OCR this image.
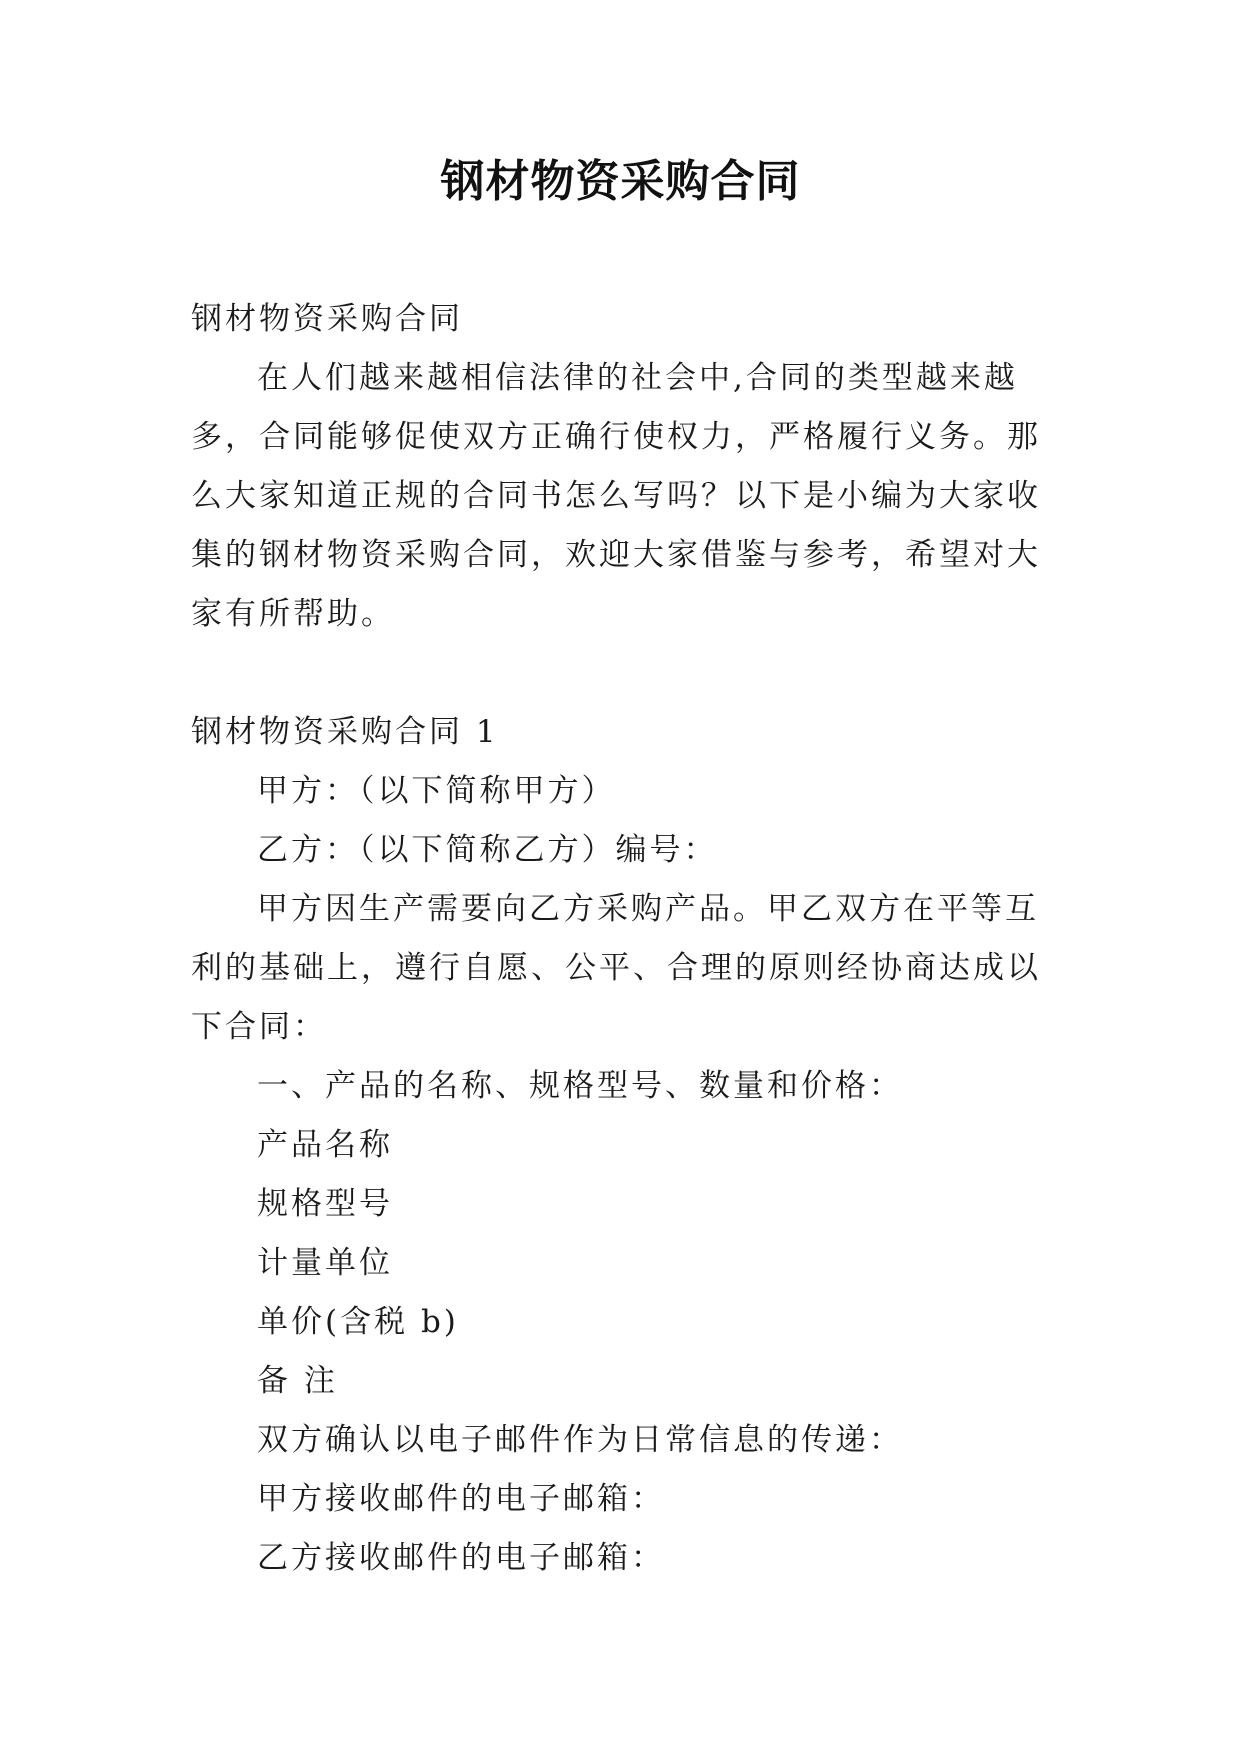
钢材物资采购合同

钢材物资采购合同

在人们越来越相信法律的社会中,合同的类型越来越多，合同能够促使双方正确行使权力，严格履行义务。那么大家知道正规的合同书怎么写吗？以下是小编为大家收集的钢材物资采购合同，欢迎大家借鉴与参考，希望对大家有所帮助。

钢材物资采购合同 1

甲方：（以下简称甲方）

乙方：（以下简称乙方）编号：

甲方因生产需要向乙方采购产品。甲乙双方在平等互利的基础上，遵行自愿、公平、合理的原则经协商达成以下合同：

一、产品的名称、规格型号、数量和价格：

产品名称

规格型号

计量单位

单价(含税 b)

备 注

双方确认以电子邮件作为日常信息的传递：

甲方接收邮件的电子邮箱：

乙方接收邮件的电子邮箱：
